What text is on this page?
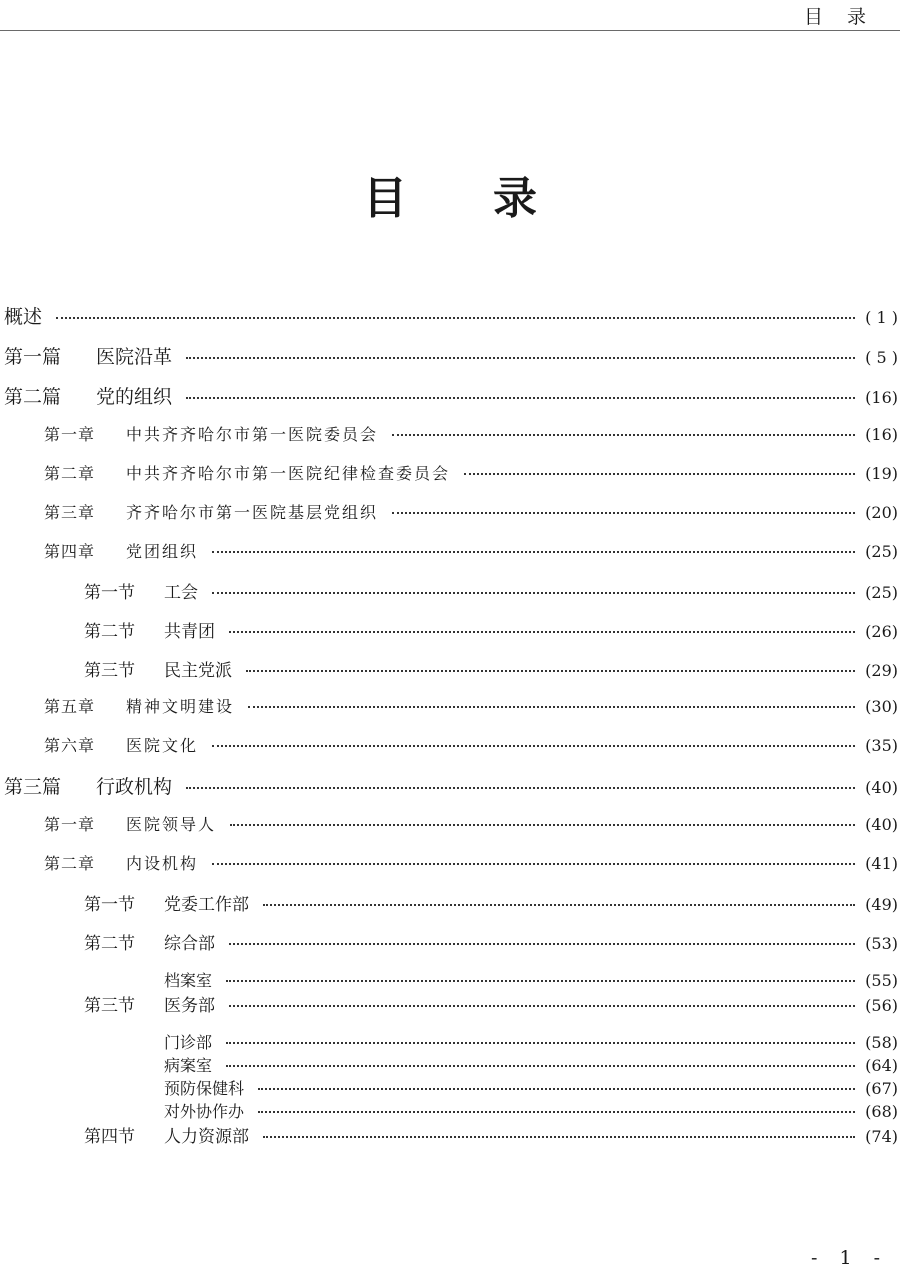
目录
目录
概述	( 1 )
第一篇	医院沿革	( 5 )
第二篇	党的组织	(16)
第一章	中共齐齐哈尔市第一医院委员会	(16)
第二章	中共齐齐哈尔市第一医院纪律检查委员会	(19)
第三章	齐齐哈尔市第一医院基层党组织	(20)
第四章	党团组织	(25)
第一节	工会	(25)
第二节	共青团	(26)
第三节	民主党派	(29)
第五章	精神文明建设	(30)
第六章	医院文化	(35)
第三篇	行政机构	(40)
第一章	医院领导人	(40)
第二章	内设机构	(41)
第一节	党委工作部	(49)
第二节	综合部	(53)
档案室	(55)
第三节	医务部	(56)
门诊部	(58)
病案室	(64)
预防保健科	(67)
对外协作办	(68)
第四节	人力资源部	(74)
- 1 -
